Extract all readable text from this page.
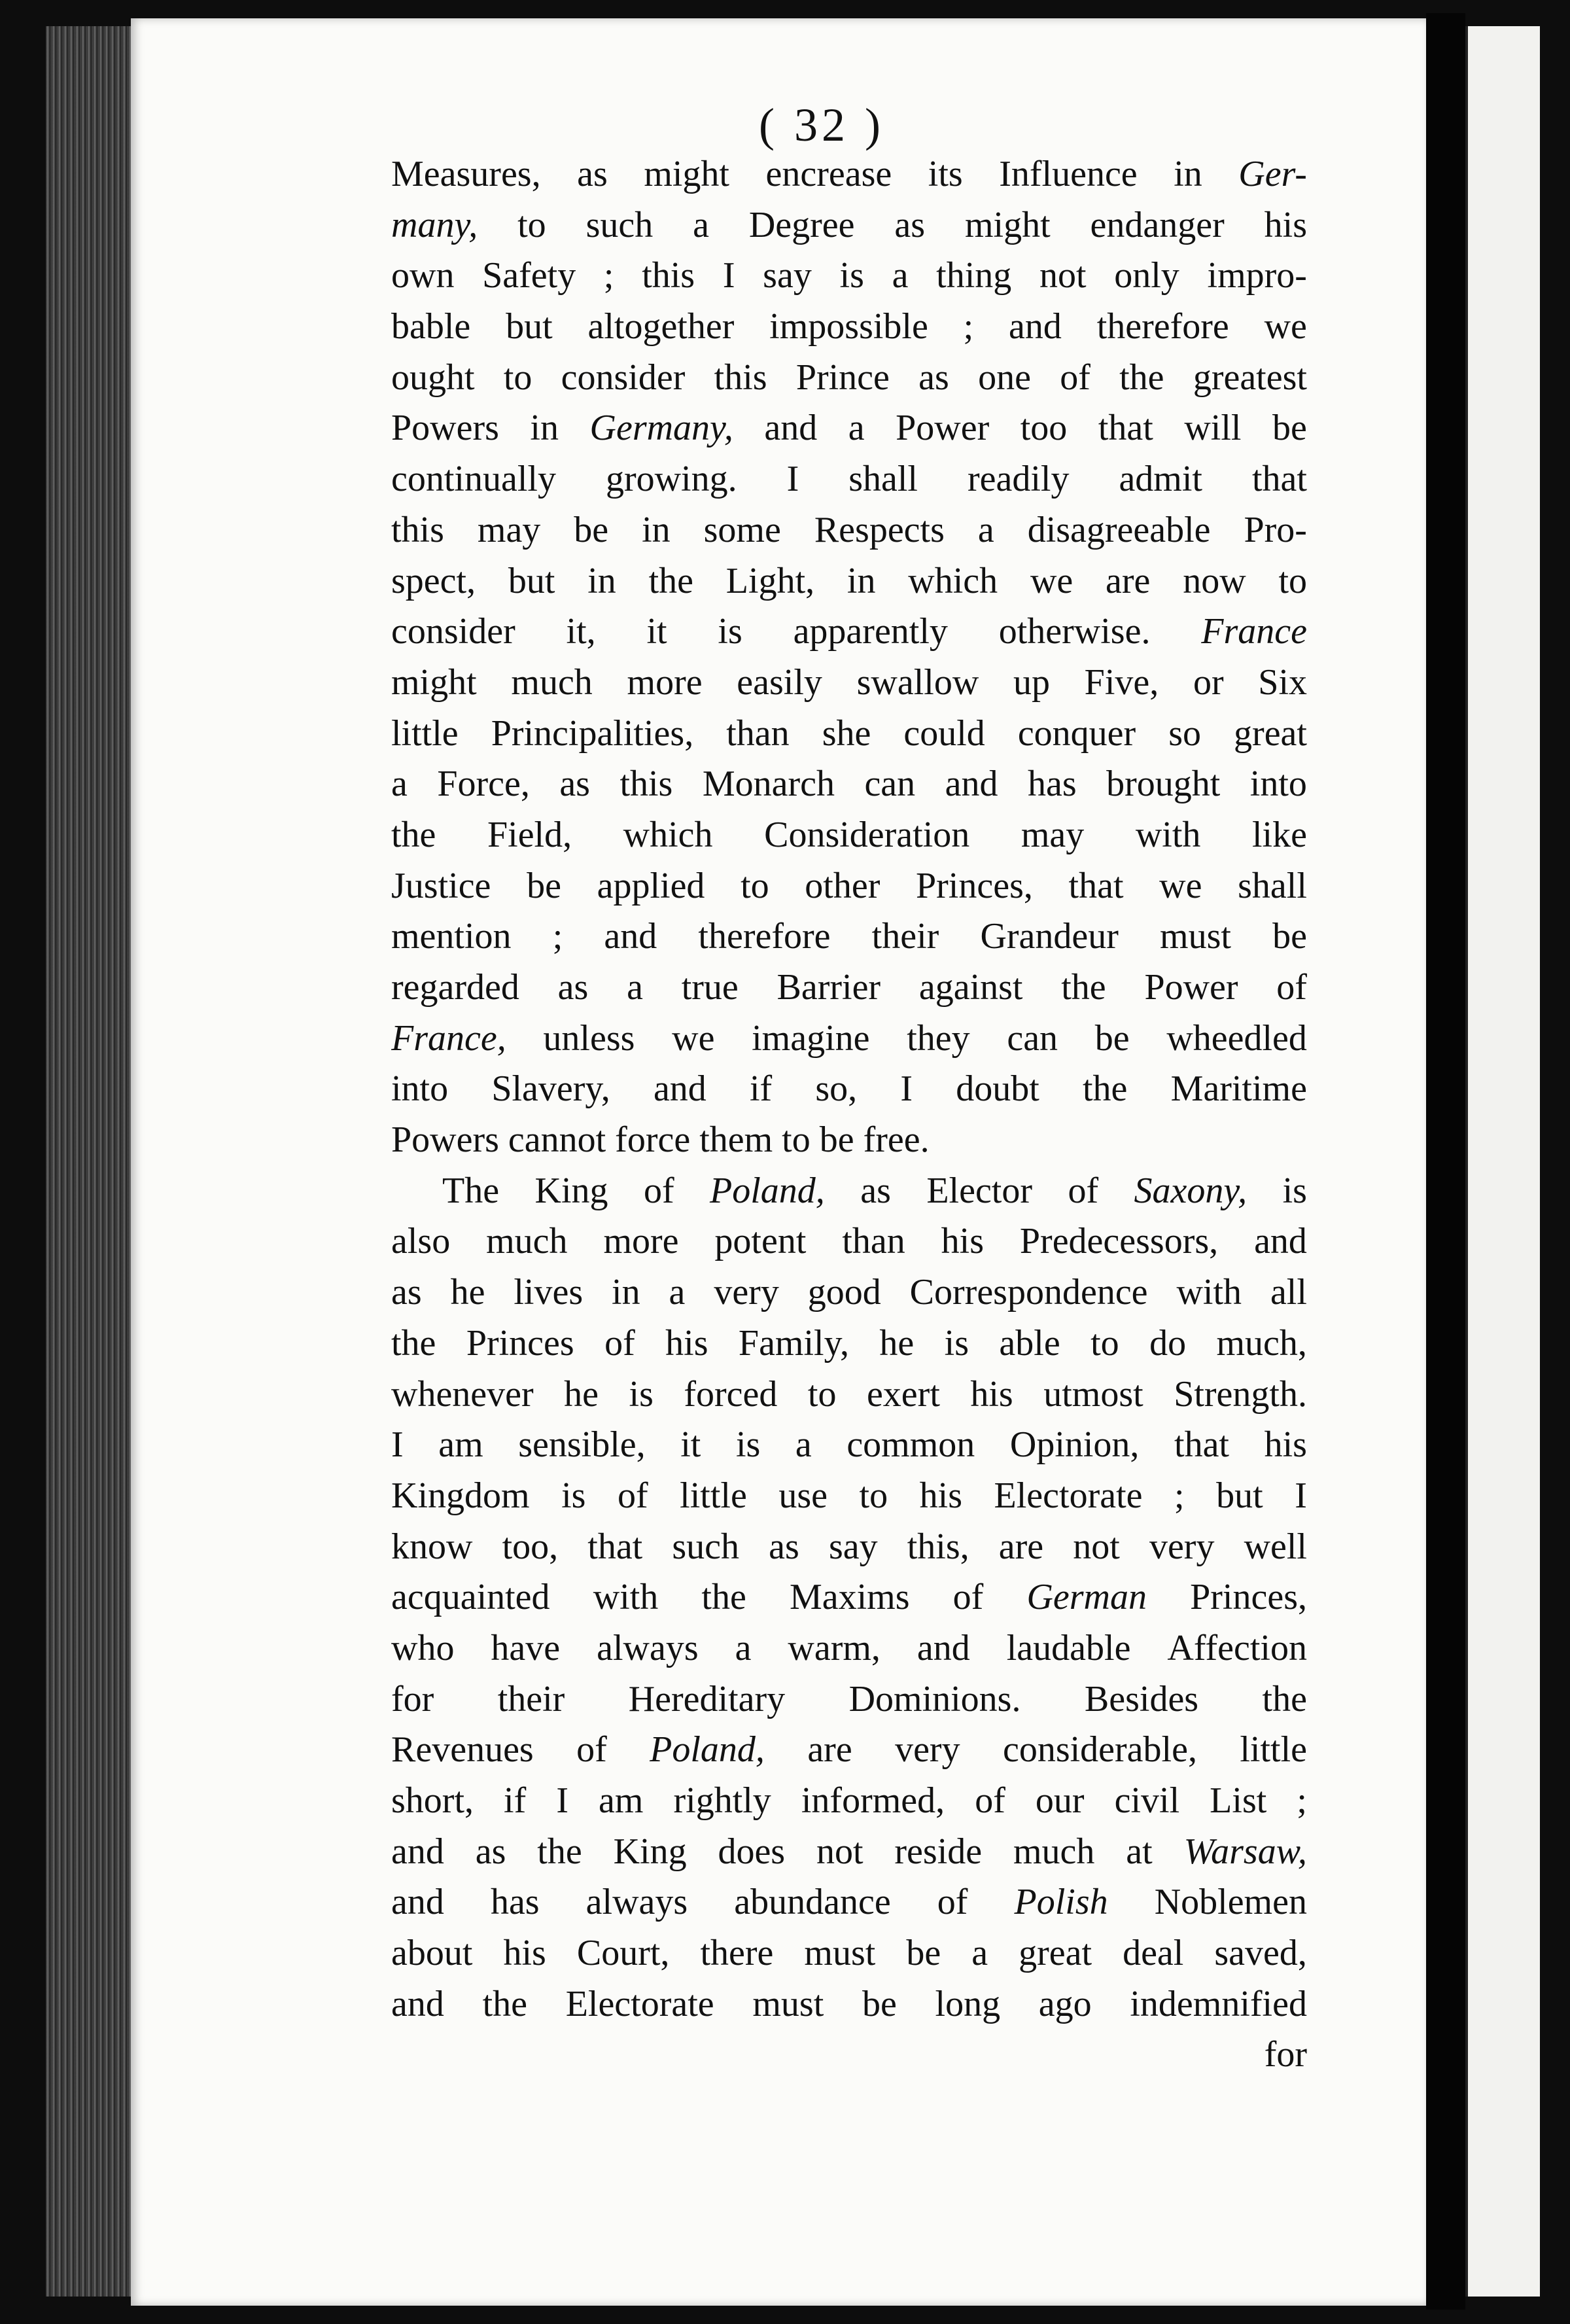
( 32 )
Measures, as might encrease its Influence in Ger-
many, to such a Degree as might endanger his
own Safety ; this I say is a thing not only impro-
bable but altogether impossible ; and therefore we
ought to consider this Prince as one of the greatest
Powers in Germany, and a Power too that will be
continually growing. I shall readily admit that
this may be in some Respects a disagreeable Pro-
spect, but in the Light, in which we are now to
consider it, it is apparently otherwise. France
might much more easily swallow up Five, or Six
little Principalities, than she could conquer so great
a Force, as this Monarch can and has brought into
the Field, which Consideration may with like
Justice be applied to other Princes, that we shall
mention ; and therefore their Grandeur must be
regarded as a true Barrier against the Power of
France, unless we imagine they can be wheedled
into Slavery, and if so, I doubt the Maritime
Powers
cannot
force
them
to
be
free.
The King of Poland, as Elector of Saxony, is
also much more potent than his Predecessors, and
as he lives in a very good Correspondence with all
the Princes of his Family, he is able to do much,
whenever he is forced to exert his utmost Strength.
I am sensible, it is a common Opinion, that his
Kingdom is of little use to his Electorate ; but I
know too, that such as say this, are not very well
acquainted with the Maxims of German Princes,
who have always a warm, and laudable Affection
for their Hereditary Dominions. Besides the
Revenues of Poland, are very considerable, little
short, if I am rightly informed, of our civil List ;
and as the King does not reside much at Warsaw,
and has always abundance of Polish Noblemen
about his Court, there must be a great deal saved,
and the Electorate must be long ago indemnified
for
